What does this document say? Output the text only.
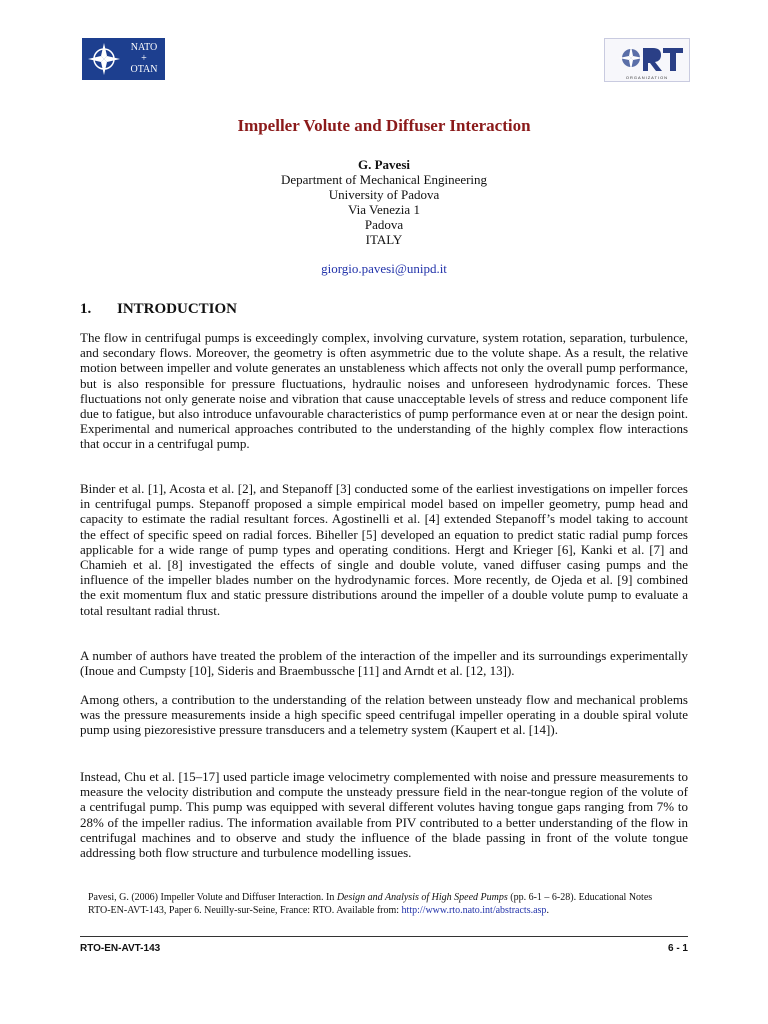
NATO
+
OTAN
ORGANIZATION
Impeller Volute and Diffuser Interaction
G. Pavesi
Department of Mechanical Engineering
University of Padova
Via Venezia 1
Padova
ITALY
giorgio.pavesi@unipd.it
1. INTRODUCTION

The flow in centrifugal pumps is exceedingly complex, involving curvature, system rotation, separation, turbulence, and secondary flows. Moreover, the geometry is often asymmetric due to the volute shape. As a result, the relative motion between impeller and volute generates an unstableness which affects not only the overall pump performance, but is also responsible for pressure fluctuations, hydraulic noises and unforeseen hydrodynamic forces. These fluctuations not only generate noise and vibration that cause unacceptable levels of stress and reduce component life due to fatigue, but also introduce unfavourable characteristics of pump performance even at or near the design point. Experimental and numerical approaches contributed to the understanding of the highly complex flow interactions that occur in a centrifugal pump.

Binder et al. [1], Acosta et al. [2], and Stepanoff [3] conducted some of the earliest investigations on impeller forces in centrifugal pumps. Stepanoff proposed a simple empirical model based on impeller geometry, pump head and capacity to estimate the radial resultant forces. Agostinelli et al. [4] extended Stepanoff’s model taking to account the effect of specific speed on radial forces. Biheller [5] developed an equation to predict static radial pump forces applicable for a wide range of pump types and operating conditions. Hergt and Krieger [6], Kanki et al. [7] and Chamieh et al. [8] investigated the effects of single and double volute, vaned diffuser casing pumps and the influence of the impeller blades number on the hydrodynamic forces. More recently, de Ojeda et al. [9] combined the exit momentum flux and static pressure distributions around the impeller of a double volute pump to evaluate a total resultant radial thrust.

A number of authors have treated the problem of the interaction of the impeller and its surroundings experimentally (Inoue and Cumpsty [10], Sideris and Braembussche [11] and Arndt et al. [12, 13]).

Among others, a contribution to the understanding of the relation between unsteady flow and mechanical problems was the pressure measurements inside a high specific speed centrifugal impeller operating in a double spiral volute pump using piezoresistive pressure transducers and a telemetry system (Kaupert et al. [14]).

Instead, Chu et al. [15–17] used particle image velocimetry complemented with noise and pressure measurements to measure the velocity distribution and compute the unsteady pressure field in the near-tongue region of the volute of a centrifugal pump. This pump was equipped with several different volutes having tongue gaps ranging from 7% to 28% of the impeller radius. The information available from PIV contributed to a better understanding of the flow in centrifugal machines and to observe and study the influence of the blade passing in front of the volute tongue addressing both flow structure and turbulence modelling issues.

Pavesi, G. (2006) Impeller Volute and Diffuser Interaction. In Design and Analysis of High Speed Pumps (pp. 6-1 – 6-28). Educational Notes
RTO-EN-AVT-143, Paper 6. Neuilly-sur-Seine, France: RTO. Available from: http://www.rto.nato.int/abstracts.asp.
RTO-EN-AVT-143	6 - 1
